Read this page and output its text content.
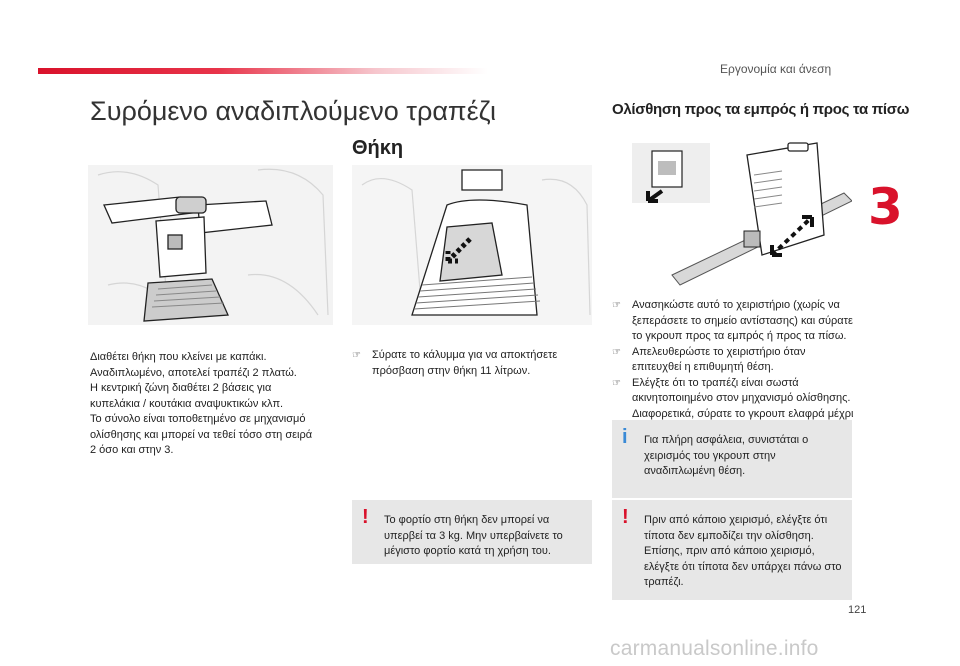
Εργονομία και άνεση
Συρόμενο αναδιπλούμενο τραπέζι
3
Θήκη
Ολίσθηση προς τα εμπρός ή προς τα πίσω
Διαθέτει θήκη που κλείνει με καπάκι.
Αναδιπλωμένο, αποτελεί τραπέζι 2 πλατώ.
Η κεντρική ζώνη διαθέτει 2 βάσεις για
κυπελάκια / κουτάκια αναψυκτικών κλπ.
Το σύνολο είναι τοποθετημένο σε μηχανισμό
ολίσθησης και μπορεί να τεθεί τόσο στη σειρά
2 όσο και στην 3.
☞	Σύρατε το κάλυμμα για να αποκτήσετε πρόσβαση στην θήκη 11 λίτρων.
☞	Ανασηκώστε αυτό το χειριστήριο (χωρίς να ξεπεράσετε το σημείο αντίστασης) και σύρατε το γκρουπ προς τα εμπρός ή προς τα πίσω.
☞	Απελευθερώστε το χειριστήριο όταν επιτευχθεί η επιθυμητή θέση.
☞	Ελέγξτε ότι το τραπέζι είναι σωστά ακινητοποιημένο στον μηχανισμό ολίσθησης. Διαφορετικά, σύρατε το γκρουπ ελαφρά μέχρι
i Για πλήρη ασφάλεια, συνιστάται ο χειρισμός του γκρουπ στην αναδιπλωμένη θέση.
! Το φορτίο στη θήκη δεν μπορεί να υπερβεί τα 3 kg. Μην υπερβαίνετε το μέγιστο φορτίο κατά τη χρήση του.
! Πριν από κάποιο χειρισμό, ελέγξτε ότι τίποτα δεν εμποδίζει την ολίσθηση. Επίσης, πριν από κάποιο χειρισμό, ελέγξτε ότι τίποτα δεν υπάρχει πάνω στο τραπέζι.
121
carmanualsonline.info
